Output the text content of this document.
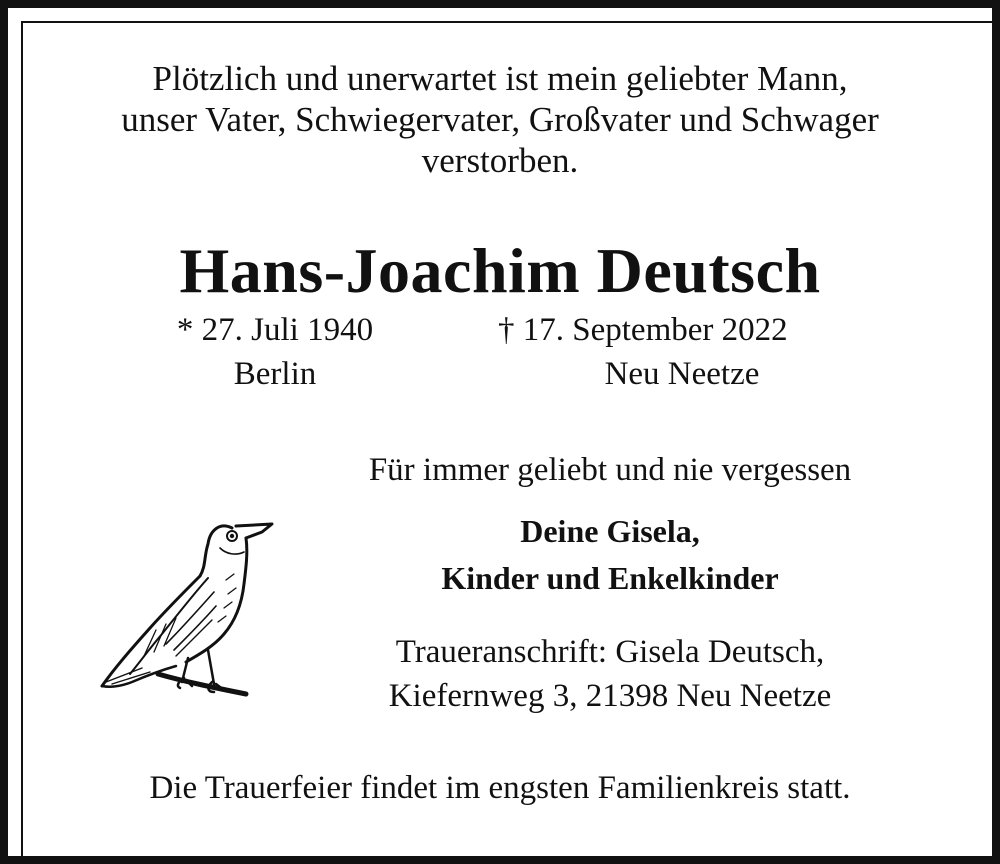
Plötzlich und unerwartet ist mein geliebter Mann,
unser Vater, Schwiegervater, Großvater und Schwager
verstorben.
Hans-Joachim Deutsch
* 27. Juli 1940
Berlin
† 17. September 2022
Neu Neetze
Für immer geliebt und nie vergessen
Deine Gisela,
Kinder und Enkelkinder
Traueranschrift: Gisela Deutsch,
Kiefernweg 3, 21398 Neu Neetze
Die Trauerfeier findet im engsten Familienkreis statt.
